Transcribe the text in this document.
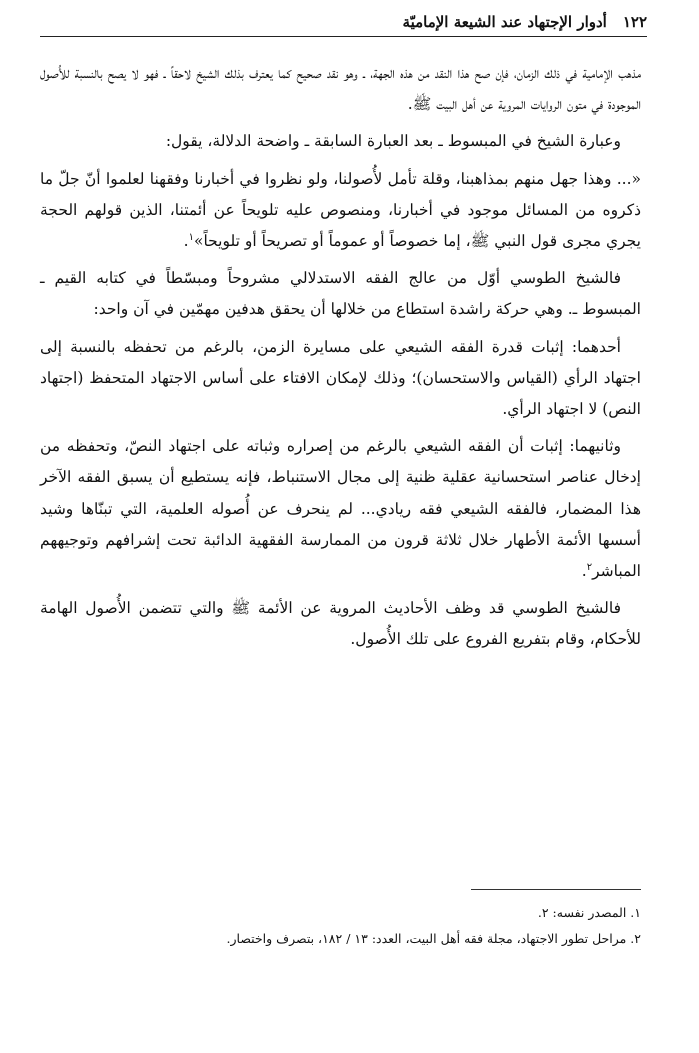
١٢٢
أدوار الإجتهاد عند الشيعة الإماميّة

مذهب الإمامية في ذلك الزمان، فإن صح هذا النقد من هذه الجهة، ـ وهو نقد صحيح كما يعترف بذلك الشيخ لاحقاً ـ فهو لا يصح بالنسبة للأُصول الموجودة في متون الروايات المروية عن أهل البيت ﷺ.

وعبارة الشيخ في المبسوط ـ بعد العبارة السابقة ـ واضحة الدلالة، يقول:

«... وهذا جهل منهم بمذاهبنا، وقلة تأمل لأُصولنا، ولو نظروا في أخبارنا وفقهنا لعلموا أنّ جلّ ما ذكروه من المسائل موجود في أخبارنا، ومنصوص عليه تلويحاً عن أئمتنا، الذين قولهم الحجة يجري مجرى قول النبي ﷺ، إما خصوصاً أو عموماً أو تصريحاً أو تلويحاً»$^١$.

فالشيخ الطوسي أوّل من عالج الفقه الاستدلالي مشروحاً ومبسّطاً في كتابه القيم ـ المبسوط ـ. وهي حركة راشدة استطاع من خلالها أن يحقق هدفين مهمّين في آن واحد:

أحدهما: إثبات قدرة الفقه الشيعي على مسايرة الزمن، بالرغم من تحفظه بالنسبة إلى اجتهاد الرأي (القياس والاستحسان)؛ وذلك لإمكان الافتاء على أساس الاجتهاد المتحفظ (اجتهاد النص) لا اجتهاد الرأي.

وثانيهما: إثبات أن الفقه الشيعي بالرغم من إصراره وثباته على اجتهاد النصّ، وتحفظه من إدخال عناصر استحسانية عقلية ظنية إلى مجال الاستنباط، فإنه يستطيع أن يسبق الفقه الآخر هذا المضمار، فالفقه الشيعي فقه ريادي... لم ينحرف عن أُصوله العلمية، التي تبنّاها وشيد أسسها الأئمة الأطهار خلال ثلاثة قرون من الممارسة الفقهية الدائبة تحت إشرافهم وتوجيههم المباشر$^٢$.

فالشيخ الطوسي قد وظف الأحاديث المروية عن الأئمة ﷺ والتي تتضمن الأُصول الهامة للأحكام، وقام بتفريع الفروع على تلك الأُصول.

١. المصدر نفسه: ٢.
٢. مراحل تطور الاجتهاد، مجلة فقه أهل البيت، العدد: ١٣ / ١٨٢، بتصرف واختصار.
